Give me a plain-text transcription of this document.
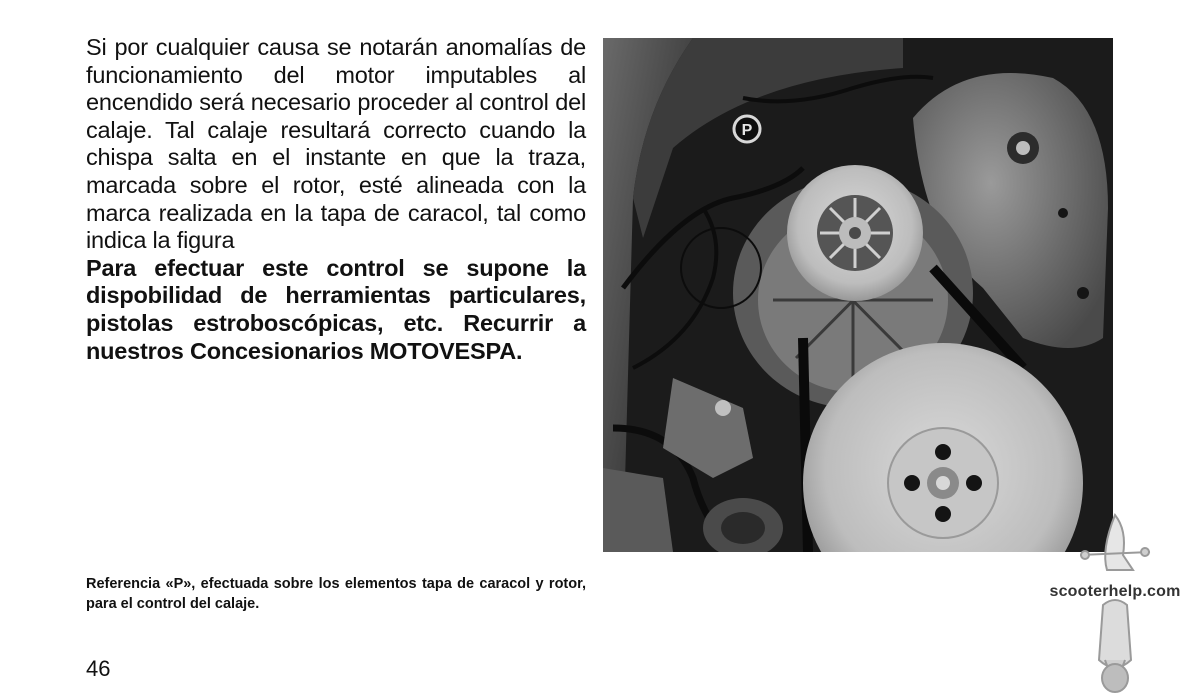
Si por cualquier causa se notarán anomalías de funcionamiento del motor imputables al encendido será necesario proceder al control del calaje. Tal calaje resultará correcto cuando la chispa salta en el instante en que la traza, marcada sobre el rotor, esté alineada con la marca realizada en la tapa de caracol, tal como indica la figura

Para efectuar este control se supone la dispobilidad de herramientas particulares, pistolas estroboscópicas, etc. Recurrir a nuestros Concesionarios MOTOVESPA.

P
Referencia «P», efectuada sobre los elementos tapa de caracol y rotor, para el control del calaje.
46
scooterhelp.com
